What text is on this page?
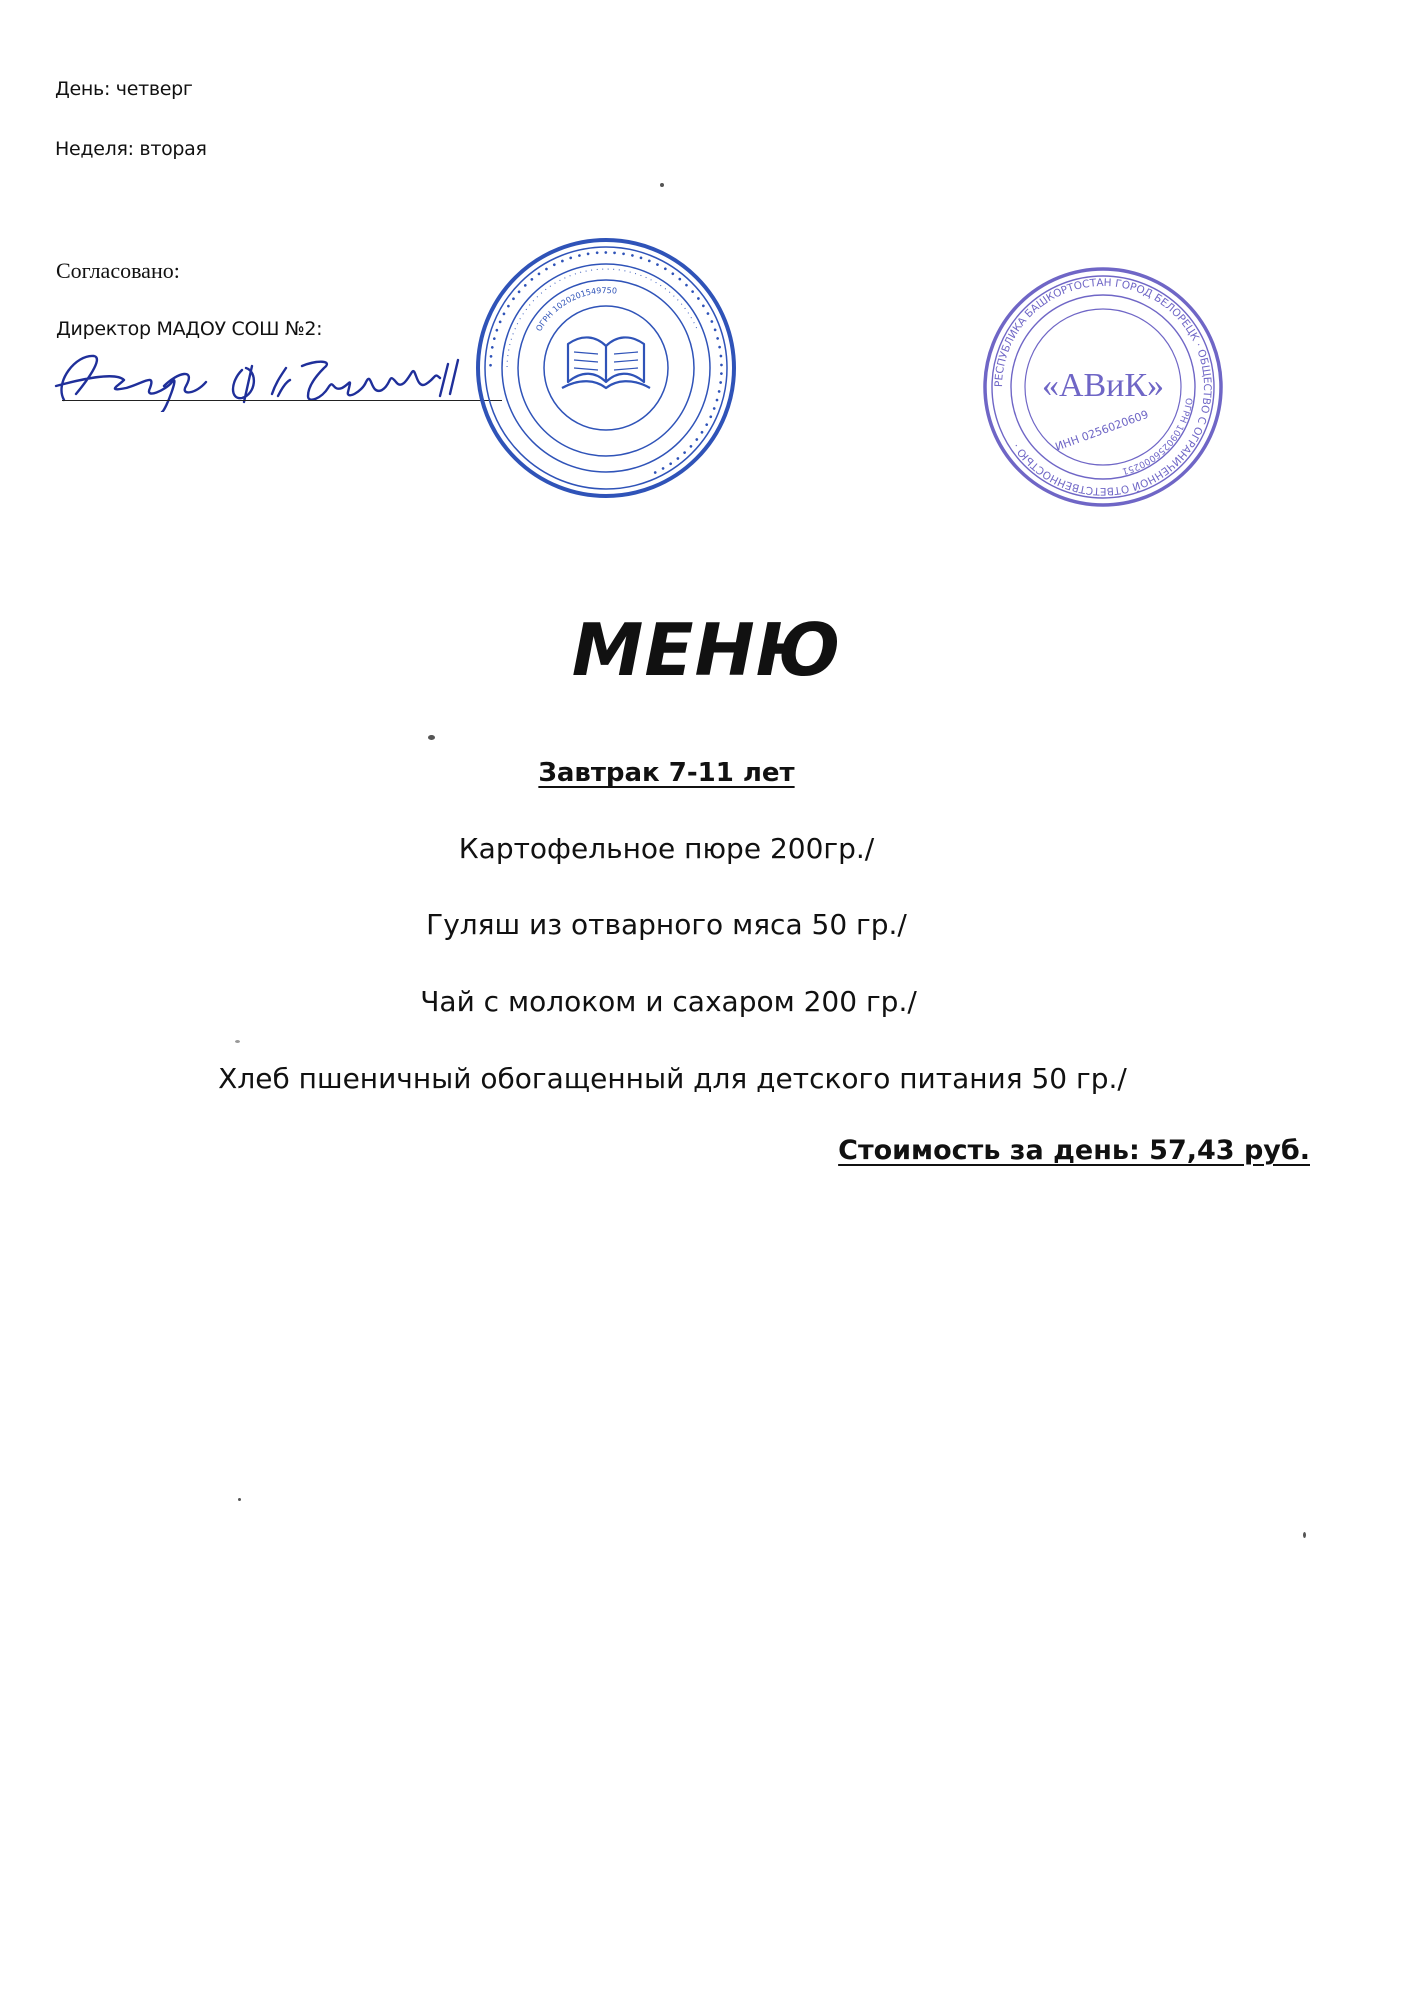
День: четверг
Неделя: вторая
Согласовано:
Директор МАДОУ СОШ №2:
• • • • • • • • • • • • • • • • • • • • • • • • • • • • • • • • • • • • • • • • • • • • • • • • • • • • • • • •
· · · · · · · · · · · · · · · · · · · · · · · · · · · · · · · · · · · · · · · · · · · · · · · · ·
ОГРН 1020201549750
РЕСПУБЛИКА БАШКОРТОСТАН ГОРОД БЕЛОРЕЦК · ОБЩЕСТВО С ОГРАНИЧЕННОЙ ОТВЕТСТВЕННОСТЬЮ ·
ОГРН 1090256000251
«АВиК»
ИНН 0256020609
МЕНЮ
Завтрак 7-11 лет
Картофельное пюре 200гр./
Гуляш из отварного мяса 50 гр./
Чай с молоком и сахаром 200 гр./
Хлеб пшеничный обогащенный для детского питания 50 гр./
Стоимость за день: 57,43 руб.
